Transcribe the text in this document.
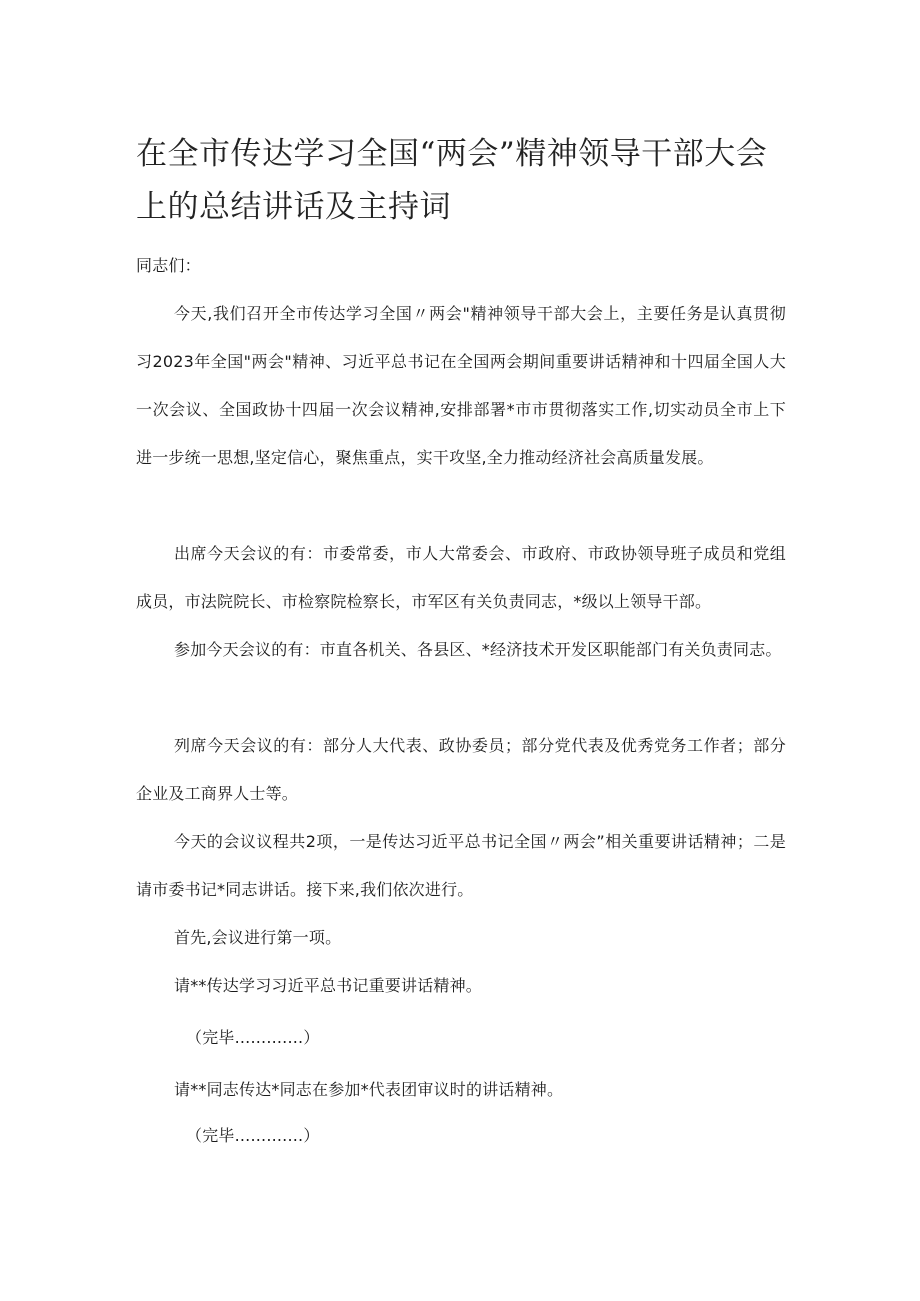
在全市传达学习全国“两会”精神领导干部大会上的总结讲话及主持词

同志们：

今天,我们召开全市传达学习全国〃两会"精神领导干部大会上，主要任务是认真贯彻习2023年全国"两会"精神、习近平总书记在全国两会期间重要讲话精神和十四届全国人大一次会议、全国政协十四届一次会议精神,安排部署*市市贯彻落实工作,切实动员全市上下进一步统一思想,坚定信心，聚焦重点，实干攻坚,全力推动经济社会高质量发展。

出席今天会议的有：市委常委，市人大常委会、市政府、市政协领导班子成员和党组成员，市法院院长、市检察院检察长，市军区有关负责同志，*级以上领导干部。

参加今天会议的有：市直各机关、各县区、*经济技术开发区职能部门有关负责同志。

列席今天会议的有：部分人大代表、政协委员；部分党代表及优秀党务工作者；部分企业及工商界人士等。

今天的会议议程共2项，一是传达习近平总书记全国〃两会”相关重要讲话精神；二是请市委书记*同志讲话。接下来,我们依次进行。

首先,会议进行第一项。

请**传达学习习近平总书记重要讲话精神。

（完毕.............）

请**同志传达*同志在参加*代表团审议时的讲话精神。

（完毕.............）
